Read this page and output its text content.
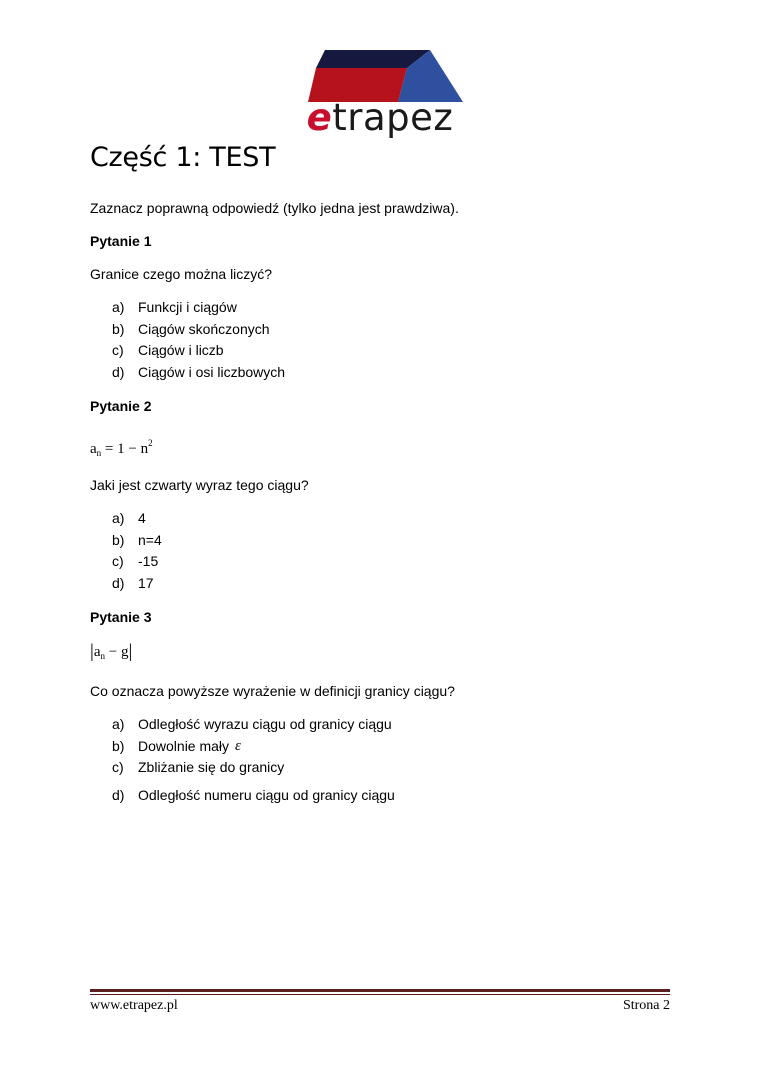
etrapez
Część 1: TEST

Zaznacz poprawną odpowiedź (tylko jedna jest prawdziwa).

Pytanie 1

Granice czego można liczyć?

a) Funkcji i ciągów
b) Ciągów skończonych
c)	Ciągów i liczb
d) Ciągów i osi liczbowych

Pytanie 2

$a_n = 1 - n^2$

Jaki jest czwarty wyraz tego ciągu?

a) 4
b) n=4
c)	-15
d) 17

Pytanie 3

$|a_n - g|$

Co oznacza powyższe wyrażenie w definicji granicy ciągu?

a) Odległość wyrazu ciągu od granicy ciągu
b) Dowolnie mały ε
c)	Zbliżanie się do granicy
d) Odległość numeru ciągu od granicy ciągu
www.etrapez.pl	Strona 2
